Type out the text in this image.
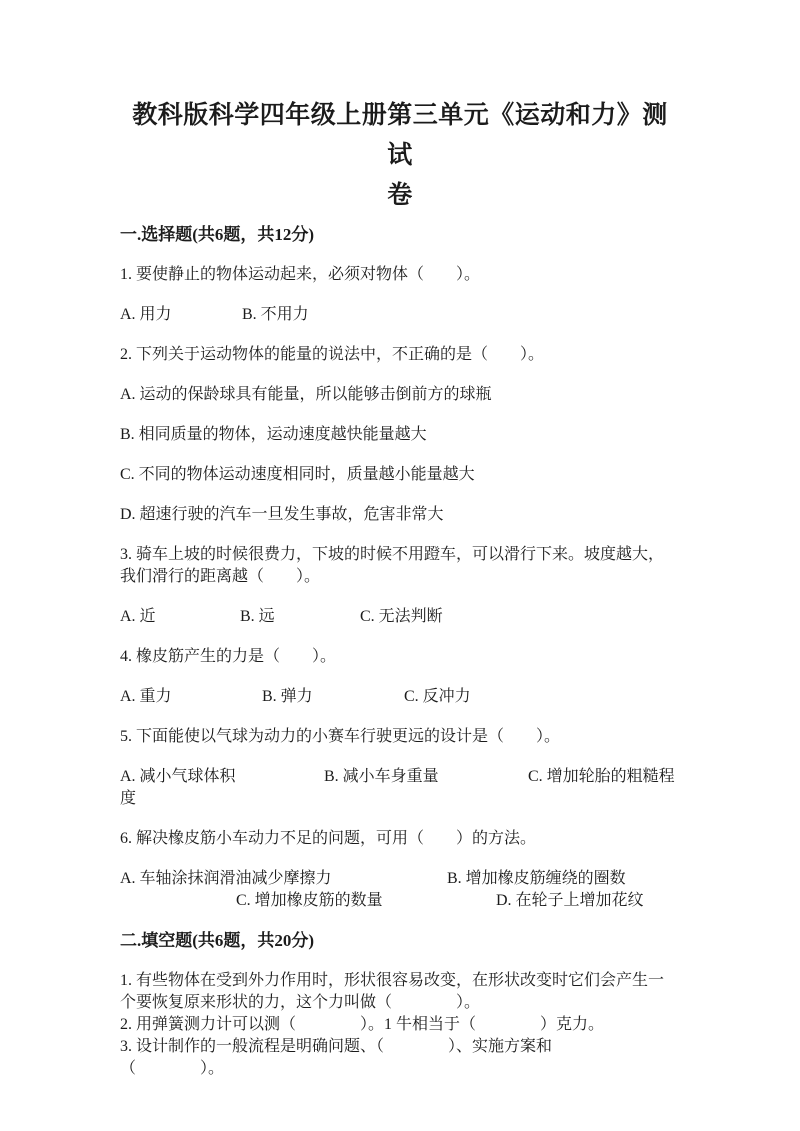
教科版科学四年级上册第三单元《运动和力》测试
卷
一.选择题(共6题，共12分)
1. 要使静止的物体运动起来，必须对物体（　　）。
A. 用力	B. 不用力
2. 下列关于运动物体的能量的说法中，不正确的是（　　）。
A. 运动的保龄球具有能量，所以能够击倒前方的球瓶
B. 相同质量的物体，运动速度越快能量越大
C. 不同的物体运动速度相同时，质量越小能量越大
D. 超速行驶的汽车一旦发生事故，危害非常大
3. 骑车上坡的时候很费力，下坡的时候不用蹬车，可以滑行下来。坡度越大，
我们滑行的距离越（　　）。
A. 近	B. 远	C. 无法判断
4. 橡皮筋产生的力是（　　）。
A. 重力	B. 弹力	C. 反冲力
5. 下面能使以气球为动力的小赛车行驶更远的设计是（　　）。
A. 减小气球体积	B. 减小车身重量	C. 增加轮胎的粗糙程度
6. 解决橡皮筋小车动力不足的问题，可用（　　）的方法。
A. 车轴涂抹润滑油减少摩擦力	B. 增加橡皮筋缠绕的圈数
C. 增加橡皮筋的数量	D. 在轮子上增加花纹
二.填空题(共6题，共20分)
1. 有些物体在受到外力作用时，形状很容易改变，在形状改变时它们会产生一
个要恢复原来形状的力，这个力叫做（　　　　）。
2. 用弹簧测力计可以测（　　　　）。1 牛相当于（　　　　）克力。
3. 设计制作的一般流程是明确问题、（　　　　）、实施方案和
（　　　　）。
